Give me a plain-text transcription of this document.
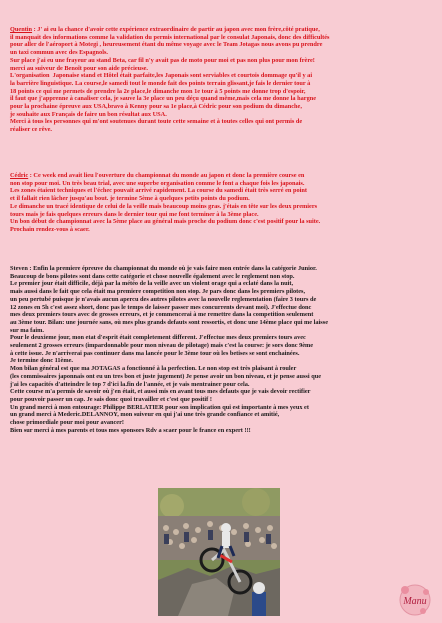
Quentin : J' ai eu la chance d'avoir cette expérience extraordinaire de partir au japon avec mon frère,côté pratique,
il manquait des informations comme la validation du permis international par le consulat Japonais, donc des difficultés
pour aller de l'aéroport à Motegi , heureusement étant du même voyage avec le Team Jotagas nous avons pu prendre
un taxi commun avec des Espagnols.
Sur place j'ai eu une frayeur au stand Beta, car fil n'y avait pas de moto pour moi et pas non plus pour mon frère!
merci au suiveur de Benoît pour son aide précieuse.
L'organisation  Japonaise stand et Hôtel était parfaite,les Japonais sont serviables et courtois dommage qu'il y ai
la barrière linguistique. La course,le samedi tout le monde fait des points terrain glissant,je fais le dernier tour à
18 points ce qui me permets de prendre la 2e place,le dimanche mon 1e tour à 5 points me donne trop d'espoir,
il faut que j'apprenne à canaliser cela, je sauve la 3e place un peu déçu quand même,mais cela me donne la hargne
pour la prochaine épreuve aux USA,bravo à Kenny pour sa 1e place,à Cédric pour son podium du dimanche,
je souhaite aux Français de faire un bon résultat aux USA.
Merci à tous les personnes qui m'ont soutenues durant toute cette semaine et à toutes celles qui ont permis de
réaliser ce rêve.
Cédric : Ce week end avait lieu l'ouverture du championnat du monde au japon et donc la première course en
non stop pour moi. Un très beau trial, avec une superbe organisation comme le font a chaque fois les japonais.
Les zones étaient techniques et l'échec pouvait arrivé rapidement. La course du samedi était très serré en point
et il fallait rien lâcher jusqu'au bout. je termine 5ème à quelques petits points du podium.
Le dimanche un tracé identique de celui de la veille mais beaucoup moins gras. j'étais en tête sur les deux premiers
tours mais je fais quelques erreurs dans le dernier tour qui me font terminer à la 3ème place.
Un bon début de championnat avec la 5ème place au général mais proche du podium donc c'est positif pour la suite.
Prochain rendez-vous à scaer.
Steven : Enfin la premiere épreuve du championnat du monde où je vais faire mon entrée dans la catégorie Junior.
Beaucoup de bons pilotes sont dans cette catégorie et chose nouvelle également avec le reglement non stop.
Le premier jour était difficile, déjà par la météo de la veille avec un violent orage qui a eclaté dans la nuit,
mais aussi dans le fait que cela était ma premiere competition non stop. Je pars donc dans les premiers pilotes,
un peu pertubé puisque je n'avais aucun apercu des autres pilotes avec la nouvelle reglementation (faire 3 tours de
12 zones en 5h c'est assez short, donc pas le temps de laisser passer mes concurrents devant moi). J'effectue donc
mes deux premiers tours avec de grosses erreurs, et je commencerai à me remettre dans la competition seulement
au 3ème tour. Bilan: une journée sans, où mes plus grands defauts sont ressortis, et donc une 14ème place qui me laisse
sur ma faim.
Pour le deuxieme jour, mon etat d'esprit était completement different. J'effectue mes deux premiers tours avec
seulement 2 grosses erreurs (impardonnable pour mon niveau de pilotage) mais c'est la course: je sors donc 9ème
à cette issue. Je n'arriverai pas continuer dans ma lancée pour le 3ème tour où les betises se sont enchainées.
Je termine donc 11ème.
Mon bilan général est que ma JOTAGAS a fonctionné à la perfection. Le non stop est très plaisant à rouler
(les commissaires japonnais ont eu un tres bon et juste jugement) Je pense avoir un bon niveau, et je pense aussi que
j'ai les capacités d'atteindre le top 7 d'ici la.fin de l'année, et je vais mentrainer pour cela.
Cette course m'a permis de savoir où j'en était, et aussi mis en avant tous mes defauts que je vais devoir rectifier
pour pouvoir passer un cap. Je sais donc quoi travailler et c'est que positif !
Un grand merci à mon entourage: Philippe BERLATIER pour son implication qui est importante à mes yeux et
un grand merci à Mederic.DELANNOY, mon suiveur en qui j'ai une très grande confiance et amitié,
chose primordiale pour moi pour avancer!
Bien sur merci à mes parents et tous mes sponsors Rdv a scaer pour le france en expert !!!
Manu
